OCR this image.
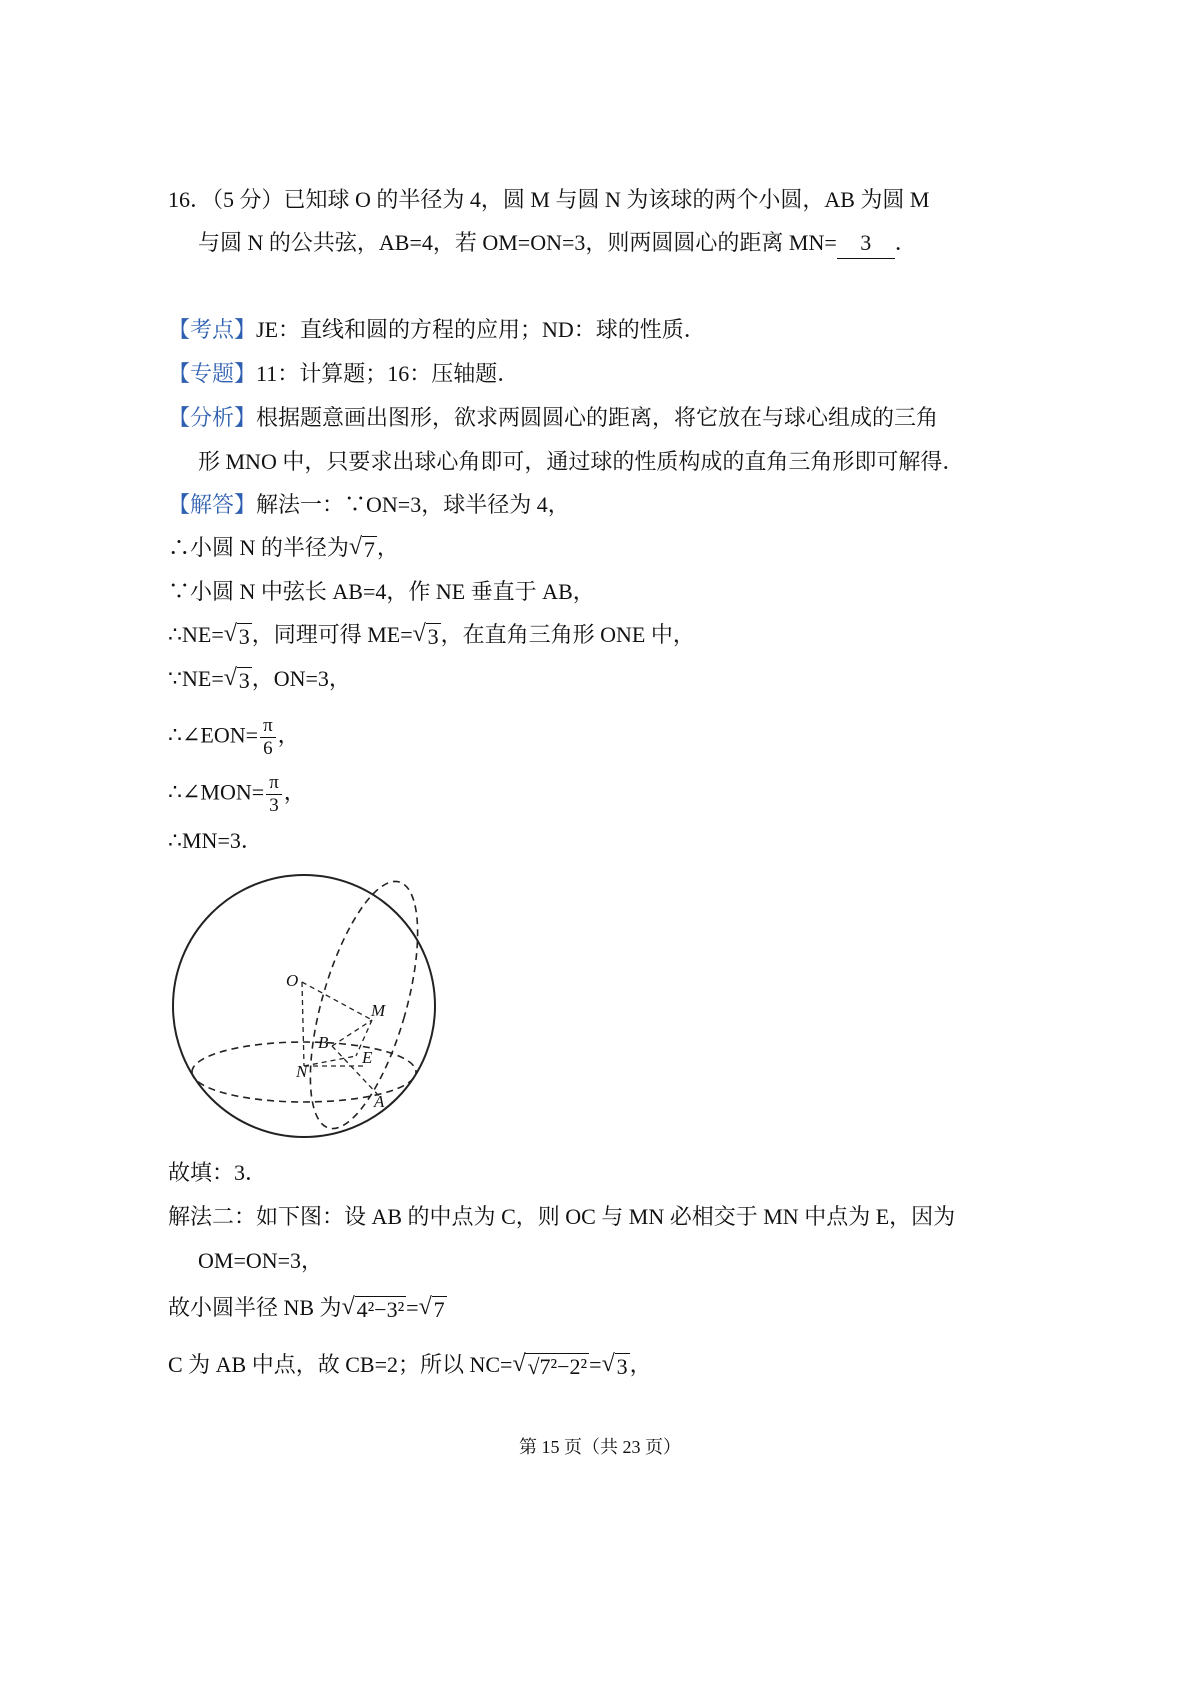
16．（5 分）已知球 O 的半径为 4，圆 M 与圆 N 为该球的两个小圆，AB 为圆 M
与圆 N 的公共弦，AB=4，若 OM=ON=3，则两圆圆心的距离 MN= 3 ．
【考点】JE：直线和圆的方程的应用；ND：球的性质．
【专题】11：计算题；16：压轴题．
【分析】根据题意画出图形，欲求两圆圆心的距离，将它放在与球心组成的三角
形 MNO 中，只要求出球心角即可，通过球的性质构成的直角三角形即可解得．
【解答】解法一：∵ON=3，球半径为 4，
∴小圆 N 的半径为 √ 7，
∵小圆 N 中弦长 AB=4，作 NE 垂直于 AB，
∴NE= √ 3，同理可得 ME= √ 3，在直角三角形 ONE 中，
∵NE= √ 3，ON=3，
∴∠EON= $\frac{\pi}{6}$ ，
∴∠MON= $\frac{\pi}{3}$ ，
∴MN=3．
O
M
B
E
N
A
故填：3．
解法二：如下图：设 AB 的中点为 C，则 OC 与 MN 必相交于 MN 中点为 E，因为
OM=ON=3，
故小圆半径 NB 为 √ 4²−3²= √ 7
C 为 AB 中点，故 CB=2；所以 NC= √ √7²−2²= √ 3，
第 15 页（共 23 页）
